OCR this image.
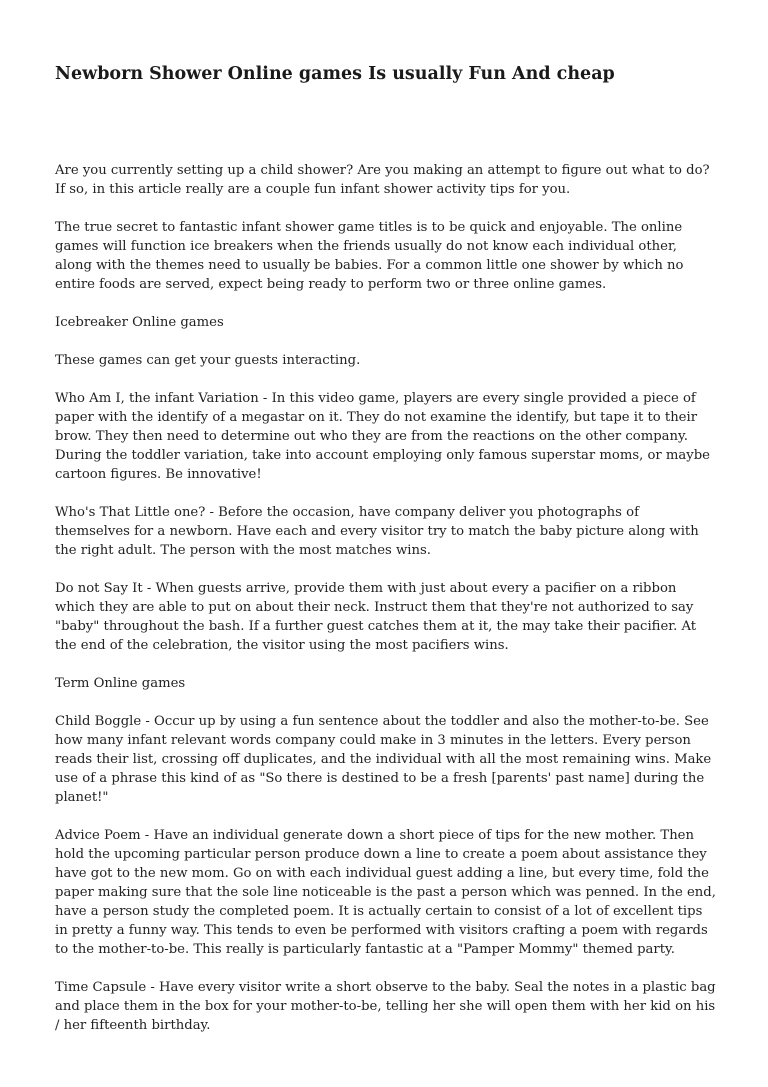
Newborn Shower Online games Is usually Fun And cheap

Are you currently setting up a child shower? Are you making an attempt to figure out what to do? If so, in this article really are a couple fun infant shower activity tips for you.

The true secret to fantastic infant shower game titles is to be quick and enjoyable. The online games will function ice breakers when the friends usually do not know each individual other, along with the themes need to usually be babies. For a common little one shower by which no entire foods are served, expect being ready to perform two or three online games.

Icebreaker Online games

These games can get your guests interacting.

Who Am I, the infant Variation - In this video game, players are every single provided a piece of paper with the identify of a megastar on it. They do not examine the identify, but tape it to their brow. They then need to determine out who they are from the reactions on the other company. During the toddler variation, take into account employing only famous superstar moms, or maybe cartoon figures. Be innovative!

Who's That Little one? - Before the occasion, have company deliver you photographs of themselves for a newborn. Have each and every visitor try to match the baby picture along with the right adult. The person with the most matches wins.

Do not Say It - When guests arrive, provide them with just about every a pacifier on a ribbon which they are able to put on about their neck. Instruct them that they're not authorized to say "baby" throughout the bash. If a further guest catches them at it, the may take their pacifier. At the end of the celebration, the visitor using the most pacifiers wins.

Term Online games

Child Boggle - Occur up by using a fun sentence about the toddler and also the mother-to-be. See how many infant relevant words company could make in 3 minutes in the letters. Every person reads their list, crossing off duplicates, and the individual with all the most remaining wins. Make use of a phrase this kind of as "So there is destined to be a fresh [parents' past name] during the planet!"

Advice Poem - Have an individual generate down a short piece of tips for the new mother. Then hold the upcoming particular person produce down a line to create a poem about assistance they have got to the new mom. Go on with each individual guest adding a line, but every time, fold the paper making sure that the sole line noticeable is the past a person which was penned. In the end, have a person study the completed poem. It is actually certain to consist of a lot of excellent tips in pretty a funny way. This tends to even be performed with visitors crafting a poem with regards to the mother-to-be. This really is particularly fantastic at a "Pamper Mommy" themed party.

Time Capsule - Have every visitor write a short observe to the baby. Seal the notes in a plastic bag and place them in the box for your mother-to-be, telling her she will open them with her kid on his / her fifteenth birthday.
